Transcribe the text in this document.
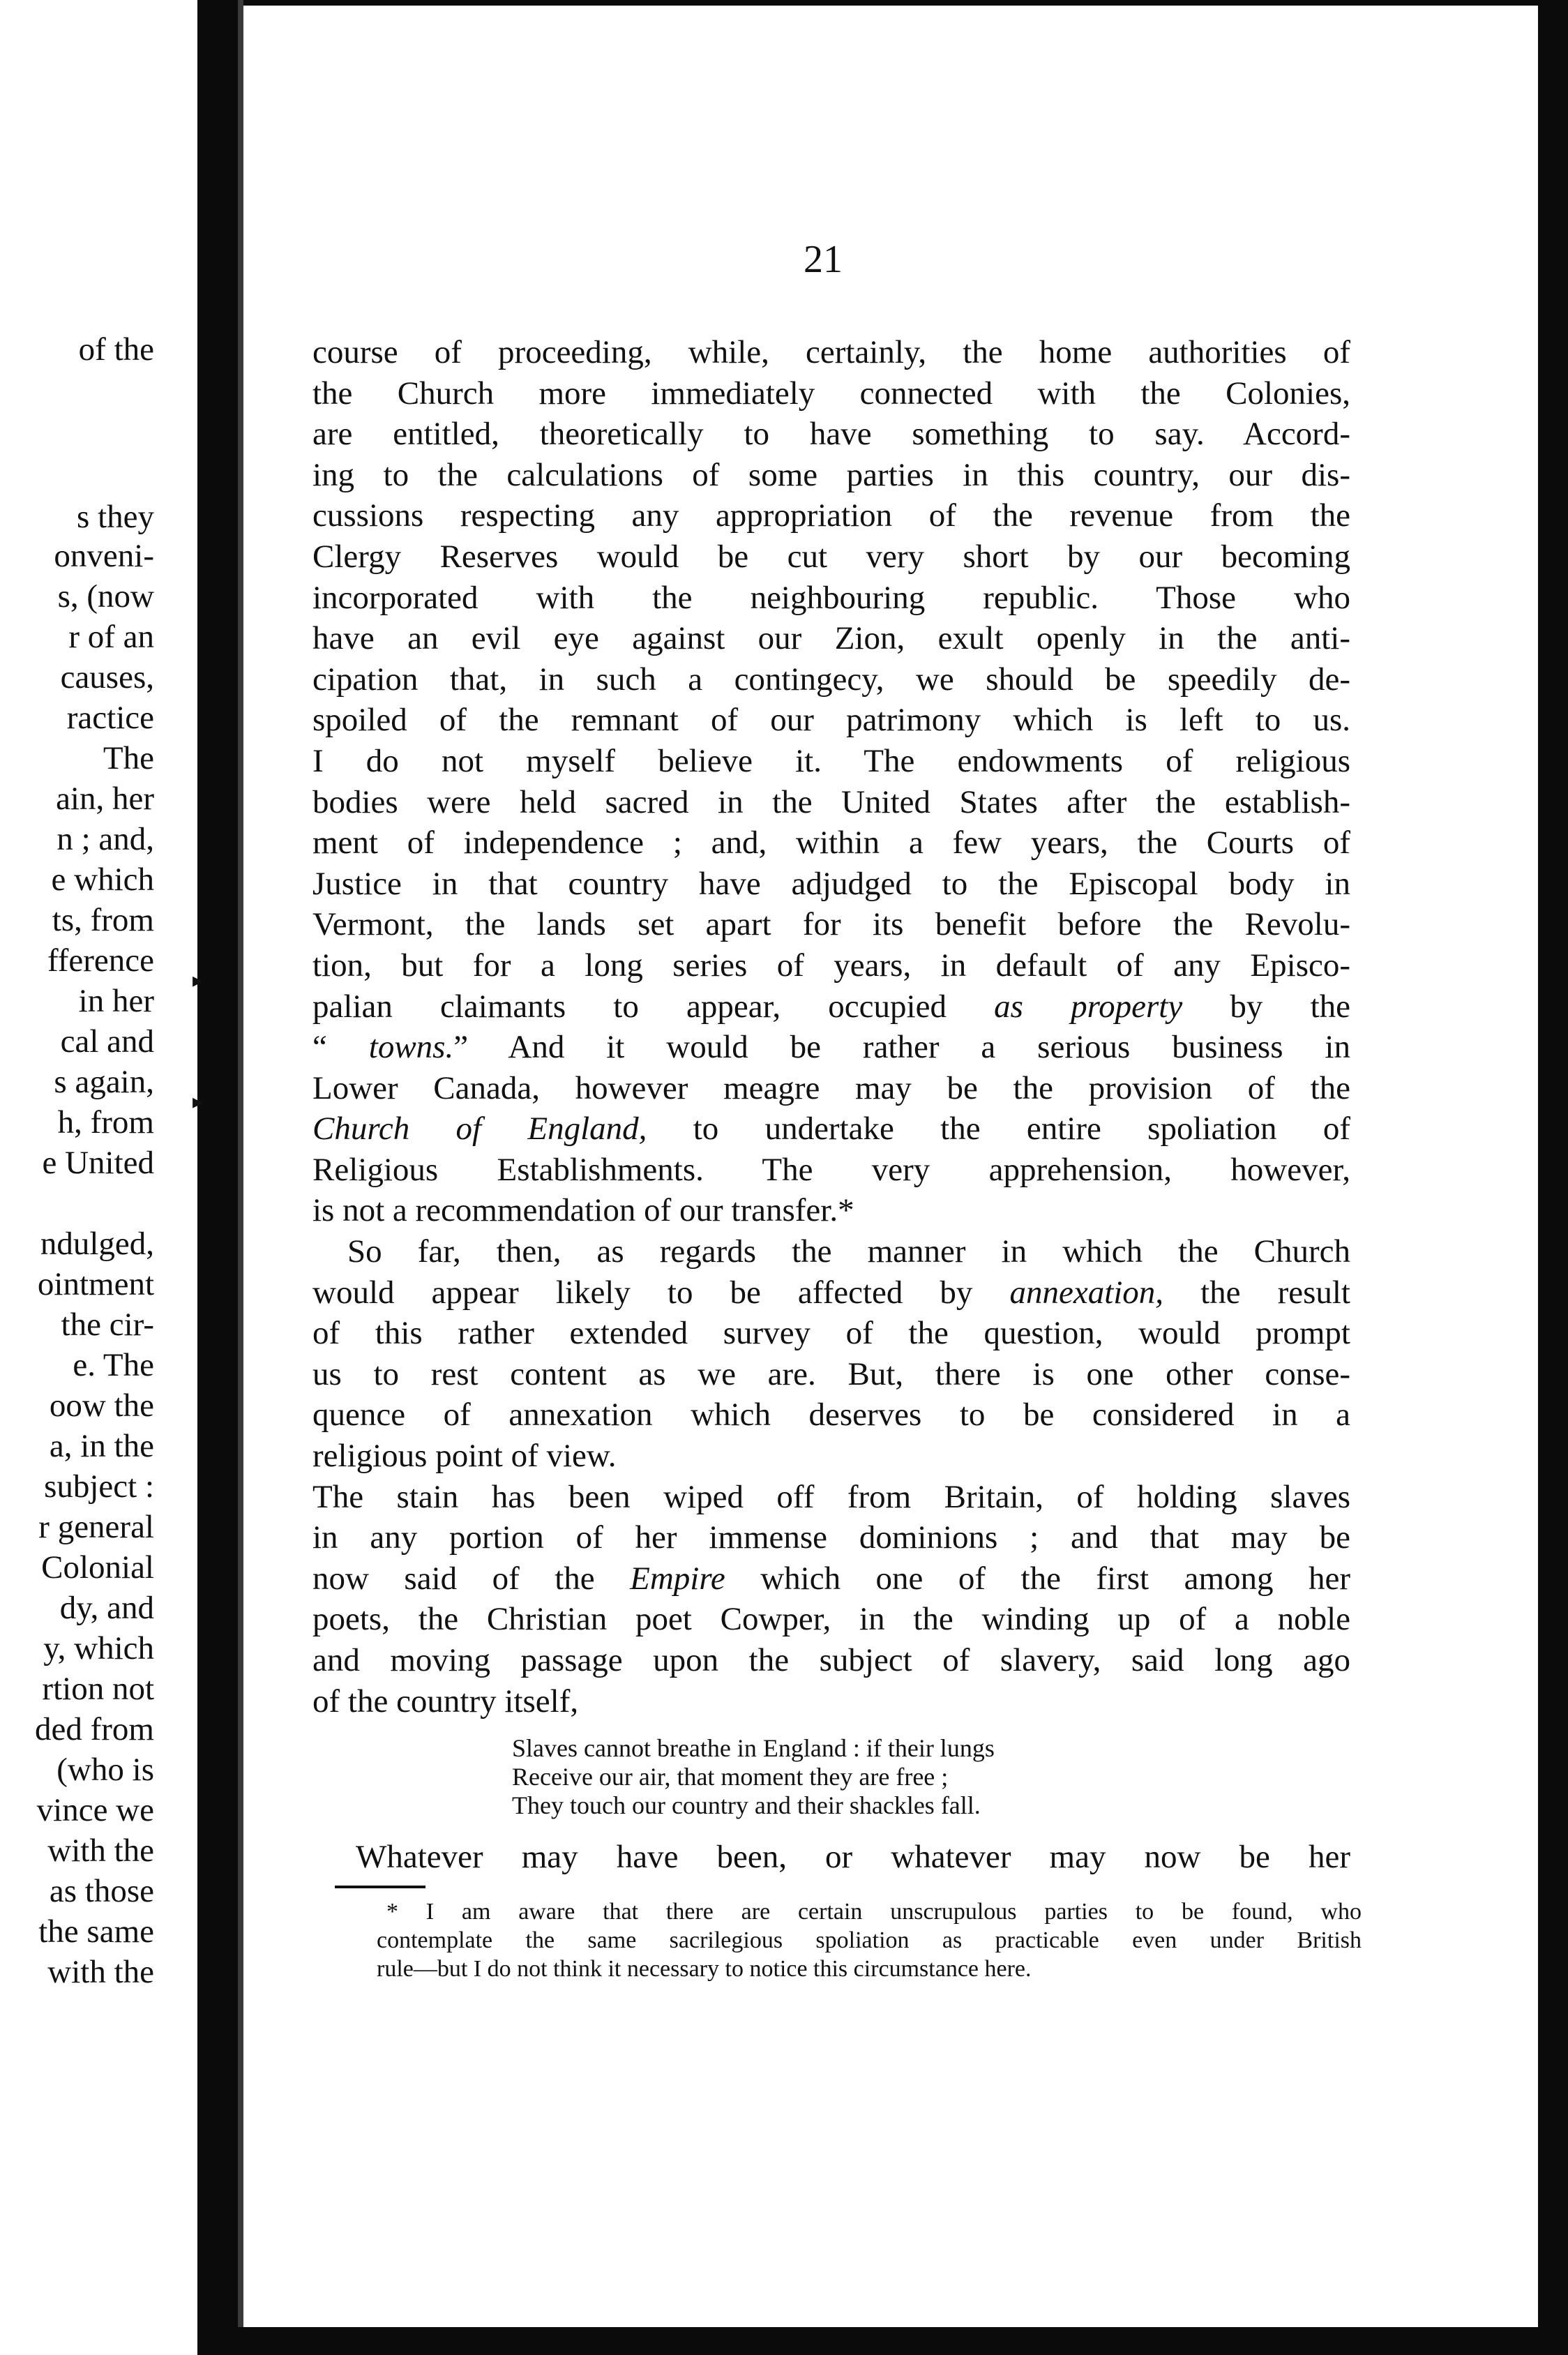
of the
s they
onveni-
s, (now
r of an
causes,
ractice
The
ain, her
n ; and,
e which
ts, from
fference
in her
cal and
s again,
h, from
e United
ndulged,
ointment
the cir-
e. The
oow the
a, in the
subject :
r general
Colonial
dy, and
y, which
rtion not
ded from
(who is
vince we
with the
as those
the same
with the
▸
▸
21

course of proceeding, while, certainly, the home authorities of
the Church more immediately connected with the Colonies,
are entitled, theoretically to have something to say. Accord-
ing to the calculations of some parties in this country, our dis-
cussions respecting any appropriation of the revenue from the
Clergy Reserves would be cut very short by our becoming
incorporated with the neighbouring republic. Those who
have an evil eye against our Zion, exult openly in the anti-
cipation that, in such a contingecy, we should be speedily de-
spoiled of the remnant of our patrimony which is left to us.
I do not myself believe it. The endowments of religious
bodies were held sacred in the United States after the establish-
ment of independence ; and, within a few years, the Courts of
Justice in that country have adjudged to the Episcopal body in
Vermont, the lands set apart for its benefit before the Revolu-
tion, but for a long series of years, in default of any Episco-
palian claimants to appear, occupied as property by the
“ towns.” And it would be rather a serious business in
Lower Canada, however meagre may be the provision of the
Church of England, to undertake the entire spoliation of
Religious Establishments. The very apprehension, however,
is not a recommendation of our transfer.*

So far, then, as regards the manner in which the Church
would appear likely to be affected by annexation, the result
of this rather extended survey of the question, would prompt
us to rest content as we are. But, there is one other conse-
quence of annexation which deserves to be considered in a
religious point of view.

The stain has been wiped off from Britain, of holding slaves
in any portion of her immense dominions ; and that may be
now said of the Empire which one of the first among her
poets, the Christian poet Cowper, in the winding up of a noble
and moving passage upon the subject of slavery, said long ago
of the country itself,

Slaves cannot breathe in England : if their lungs
Receive our air, that moment they are free ;
They touch our country and their shackles fall.

Whatever may have been, or whatever may now be her

* I am aware that there are certain unscrupulous parties to be found, who
contemplate the same sacrilegious spoliation as practicable even under British
rule—but I do not think it necessary to notice this circumstance here.
